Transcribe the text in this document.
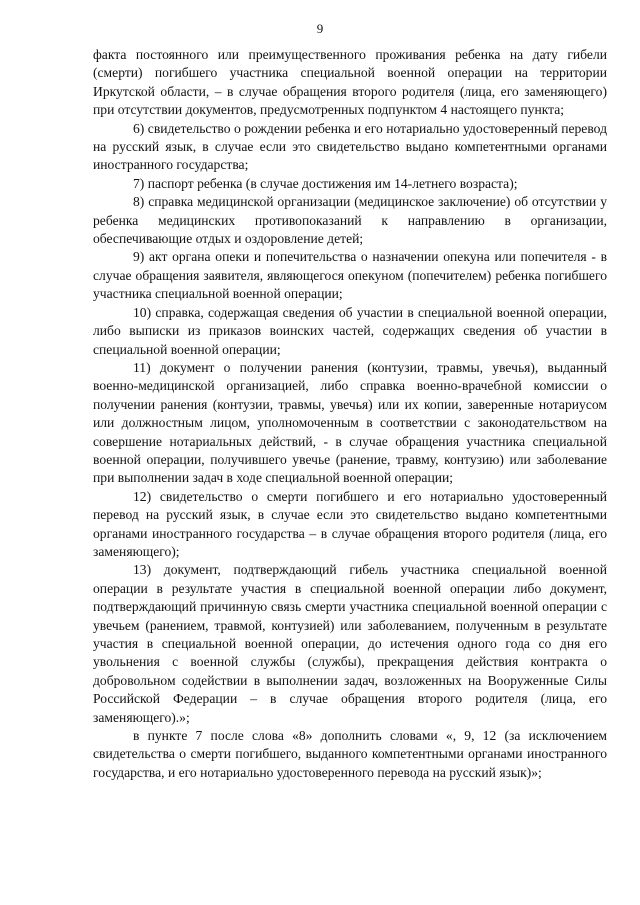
9

факта постоянного или преимущественного проживания ребенка на дату гибели (смерти) погибшего участника специальной военной операции на территории Иркутской области, – в случае обращения второго родителя (лица, его заменяющего) при отсутствии документов, предусмотренных подпунктом 4 настоящего пункта;

6) свидетельство о рождении ребенка и его нотариально удостоверенный перевод на русский язык, в случае если это свидетельство выдано компетентными органами иностранного государства;

7) паспорт ребенка (в случае достижения им 14-летнего возраста);

8) справка медицинской организации (медицинское заключение) об отсутствии у ребенка медицинских противопоказаний к направлению в организации, обеспечивающие отдых и оздоровление детей;

9) акт органа опеки и попечительства о назначении опекуна или попечителя - в случае обращения заявителя, являющегося опекуном (попечителем) ребенка погибшего участника специальной военной операции;

10) справка, содержащая сведения об участии в специальной военной операции, либо выписки из приказов воинских частей, содержащих сведения об участии в специальной военной операции;

11) документ о получении ранения (контузии, травмы, увечья), выданный военно-медицинской организацией, либо справка военно-врачебной комиссии о получении ранения (контузии, травмы, увечья) или их копии, заверенные нотариусом или должностным лицом, уполномоченным в соответствии с законодательством на совершение нотариальных действий, - в случае обращения участника специальной военной операции, получившего увечье (ранение, травму, контузию) или заболевание при выполнении задач в ходе специальной военной операции;

12) свидетельство о смерти погибшего и его нотариально удостоверенный перевод на русский язык, в случае если это свидетельство выдано компетентными органами иностранного государства – в случае обращения второго родителя (лица, его заменяющего);

13) документ, подтверждающий гибель участника специальной военной операции в результате участия в специальной военной операции либо документ, подтверждающий причинную связь смерти участника специальной военной операции с увечьем (ранением, травмой, контузией) или заболеванием, полученным в результате участия в специальной военной операции, до истечения одного года со дня его увольнения с военной службы (службы), прекращения действия контракта о добровольном содействии в выполнении задач, возложенных на Вооруженные Силы Российской Федерации – в случае обращения второго родителя (лица, его заменяющего).»;

в пункте 7 после слова «8» дополнить словами «, 9, 12 (за исключением свидетельства о смерти погибшего, выданного компетентными органами иностранного государства, и его нотариально удостоверенного перевода на русский язык)»;
